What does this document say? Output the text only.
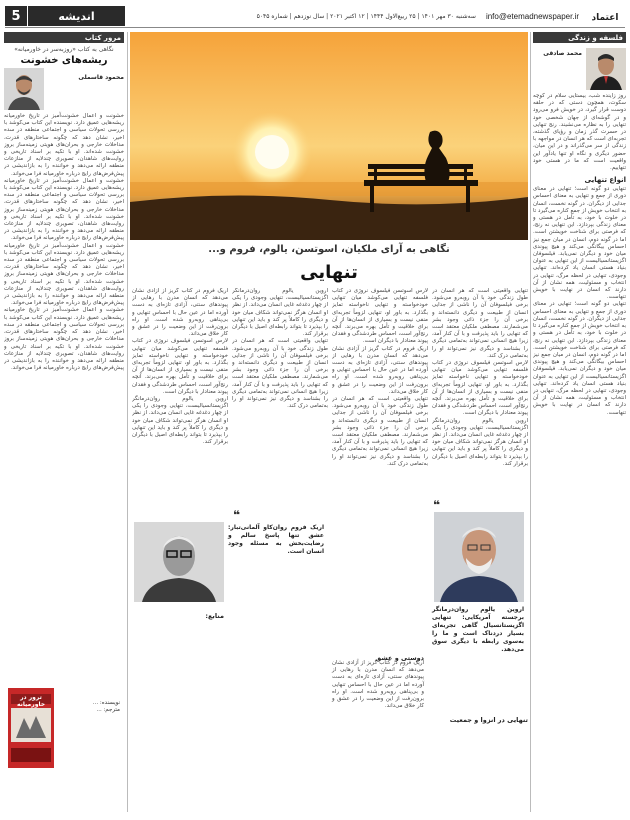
5	اندیشه	info@etemadnewspaper.ir
سه‌شنبه ۳۰ مهر ۱۴۰۱ | ۲۵ ربیع‌الاول ۱۴۴۴ | ۱۲ اکتبر ۲۰۲۱ | سال نوزدهم | شماره ۵۰۴۵	اعتماد
فلسفه و زندگی
محمد صادقی
روز زاینده شب، بیستایی سلام در کوچه سکوت، همچون دستی که در حلقه دوست قرار گیرد، در خویش فرو می‌رود و در گوشه‌ای از جهان شخصی خود تنهایی را به نظاره می‌نشیند. رنج تنهایی در حسرت گذر زمان و رؤیای گذشته، تجربه‌ای است که هر انسان در مواجهه با زندگی از سر می‌گذراند و در این میان، حضور دیگری و نگاه او تنها یادآور این واقعیت است که ما در هستی خود تنهاییم.
انواع تنهایی
تنهایی دو گونه است؛ تنهایی در معنای دوری از جمع و تنهایی به معنای احساس جدایی از دیگران. در گونه نخست، انسان به انتخاب خویش از جمع کناره می‌گیرد تا در خلوت با خود، به تأمل در هستی و معنای زندگی بپردازد. این تنهایی نه رنج، که فرصتی برای شناخت خویشتن است. اما در گونه دوم، انسان در میان جمع نیز احساس بیگانگی می‌کند و هیچ پیوندی میان خود و دیگران نمی‌یابد. فیلسوفان اگزیستانسیالیست از این تنهایی به عنوان بنیاد هستی انسان یاد کرده‌اند. تنهایی وجودی، تنهایی در لحظه مرگ، تنهایی در انتخاب و مسئولیت، همه نشان از آن دارند که انسان در نهایت با خویش تنهاست.
تنهایی دو گونه است؛ تنهایی در معنای دوری از جمع و تنهایی به معنای احساس جدایی از دیگران. در گونه نخست، انسان به انتخاب خویش از جمع کناره می‌گیرد تا در خلوت با خود، به تأمل در هستی و معنای زندگی بپردازد. این تنهایی نه رنج، که فرصتی برای شناخت خویشتن است. اما در گونه دوم، انسان در میان جمع نیز احساس بیگانگی می‌کند و هیچ پیوندی میان خود و دیگران نمی‌یابد. فیلسوفان اگزیستانسیالیست از این تنهایی به عنوان بنیاد هستی انسان یاد کرده‌اند. تنهایی وجودی، تنهایی در لحظه مرگ، تنهایی در انتخاب و مسئولیت، همه نشان از آن دارند که انسان در نهایت با خویش تنهاست.
نگاهی به آرای ملکیان، اسوتسن، یالوم، فروم و...
تنهایی
تنهایی واقعیتی است که هر انسان در طول زندگی خود با آن روبه‌رو می‌شود. برخی فیلسوفان آن را ناشی از جدایی انسان از طبیعت و دیگری دانسته‌اند و برخی آن را جزء ذاتی وجود بشر می‌شمارند. مصطفی ملکیان معتقد است که تنهایی را باید پذیرفت و با آن کنار آمد، زیرا هیچ انسانی نمی‌تواند به‌تمامی دیگری را بشناسد و دیگری نیز نمی‌تواند او را به‌تمامی درک کند.
لارس اسوتسن فیلسوف نروژی در کتاب فلسفه تنهایی می‌کوشد میان تنهایی خودخواسته و تنهایی ناخواسته تمایز بگذارد. به باور او، تنهایی لزوماً تجربه‌ای منفی نیست و بسیاری از انسان‌ها از آن برای خلاقیت و تأمل بهره می‌برند. آنچه رنج‌آور است، احساس طردشدگی و فقدان پیوند معنادار با دیگران است.
اروین یالوم روان‌درمانگر اگزیستانسیالیست، تنهایی وجودی را یکی از چهار دغدغه غایی انسان می‌داند. از نظر او انسان هرگز نمی‌تواند شکاف میان خود و دیگری را کاملاً پر کند و باید این تنهایی را بپذیرد تا بتواند رابطه‌ای اصیل با دیگران برقرار کند.
لارس اسوتسن فیلسوف نروژی در کتاب فلسفه تنهایی می‌کوشد میان تنهایی خودخواسته و تنهایی ناخواسته تمایز بگذارد. به باور او، تنهایی لزوماً تجربه‌ای منفی نیست و بسیاری از انسان‌ها از آن برای خلاقیت و تأمل بهره می‌برند. آنچه رنج‌آور است، احساس طردشدگی و فقدان پیوند معنادار با دیگران است.
اریک فروم در کتاب گریز از آزادی نشان می‌دهد که انسان مدرن با رهایی از پیوندهای سنتی، آزادی تازه‌ای به دست آورده اما در عین حال با احساس تنهایی و بی‌پناهی روبه‌رو شده است. او راه برون‌رفت از این وضعیت را در عشق و کار خلاق می‌داند.
تنهایی واقعیتی است که هر انسان در طول زندگی خود با آن روبه‌رو می‌شود. برخی فیلسوفان آن را ناشی از جدایی انسان از طبیعت و دیگری دانسته‌اند و برخی آن را جزء ذاتی وجود بشر می‌شمارند. مصطفی ملکیان معتقد است که تنهایی را باید پذیرفت و با آن کنار آمد، زیرا هیچ انسانی نمی‌تواند به‌تمامی دیگری را بشناسد و دیگری نیز نمی‌تواند او را به‌تمامی درک کند.
اروین یالوم روان‌درمانگر اگزیستانسیالیست، تنهایی وجودی را یکی از چهار دغدغه غایی انسان می‌داند. از نظر او انسان هرگز نمی‌تواند شکاف میان خود و دیگری را کاملاً پر کند و باید این تنهایی را بپذیرد تا بتواند رابطه‌ای اصیل با دیگران برقرار کند.
تنهایی واقعیتی است که هر انسان در طول زندگی خود با آن روبه‌رو می‌شود. برخی فیلسوفان آن را ناشی از جدایی انسان از طبیعت و دیگری دانسته‌اند و برخی آن را جزء ذاتی وجود بشر می‌شمارند. مصطفی ملکیان معتقد است که تنهایی را باید پذیرفت و با آن کنار آمد، زیرا هیچ انسانی نمی‌تواند به‌تمامی دیگری را بشناسد و دیگری نیز نمی‌تواند او را به‌تمامی درک کند.
اریک فروم در کتاب گریز از آزادی نشان می‌دهد که انسان مدرن با رهایی از پیوندهای سنتی، آزادی تازه‌ای به دست آورده اما در عین حال با احساس تنهایی و بی‌پناهی روبه‌رو شده است. او راه برون‌رفت از این وضعیت را در عشق و کار خلاق می‌داند.
لارس اسوتسن فیلسوف نروژی در کتاب فلسفه تنهایی می‌کوشد میان تنهایی خودخواسته و تنهایی ناخواسته تمایز بگذارد. به باور او، تنهایی لزوماً تجربه‌ای منفی نیست و بسیاری از انسان‌ها از آن برای خلاقیت و تأمل بهره می‌برند. آنچه رنج‌آور است، احساس طردشدگی و فقدان پیوند معنادار با دیگران است.
اروین یالوم روان‌درمانگر اگزیستانسیالیست، تنهایی وجودی را یکی از چهار دغدغه غایی انسان می‌داند. از نظر او انسان هرگز نمی‌تواند شکاف میان خود و دیگری را کاملاً پر کند و باید این تنهایی را بپذیرد تا بتواند رابطه‌ای اصیل با دیگران برقرار کند.
❝
اروین یالوم روان‌درمانگر برجسته آمریکایی: تنهایی اگزیستانسیال گاهی تجربه‌ای بسیار دردناک است و ما را به‌سوی رابطه با دیگری سوق می‌دهد.
دوستی و عشق
اریک فروم در کتاب گریز از آزادی نشان می‌دهد که انسان مدرن با رهایی از پیوندهای سنتی، آزادی تازه‌ای به دست آورده اما در عین حال با احساس تنهایی و بی‌پناهی روبه‌رو شده است. او راه برون‌رفت از این وضعیت را در عشق و کار خلاق می‌داند.
❝
اریک فروم روان‌کاو آلمانی‌تبار: عشق تنها پاسخ سالم و رضایت‌بخش به مسئله وجود انسان است.
منابع:
تنهایی در انزوا و جمعیت
مرور کتاب
نگاهی به کتاب «روزبه‌سر در خاورمیانه»
ریشه‌های خشونت
محمود قاسملی
خشونت و اعمال خشونت‌آمیز در تاریخ خاورمیانه ریشه‌هایی عمیق دارد. نویسنده این کتاب می‌کوشد با بررسی تحولات سیاسی و اجتماعی منطقه در سده اخیر، نشان دهد که چگونه ساختارهای قدرت، مداخلات خارجی و بحران‌های هویتی زمینه‌ساز بروز خشونت شده‌اند. او با تکیه بر اسناد تاریخی و روایت‌های شاهدان، تصویری چندلایه از منازعات منطقه ارائه می‌دهد و خواننده را به بازاندیشی در پیش‌فرض‌های رایج درباره خاورمیانه فرا می‌خواند.
خشونت و اعمال خشونت‌آمیز در تاریخ خاورمیانه ریشه‌هایی عمیق دارد. نویسنده این کتاب می‌کوشد با بررسی تحولات سیاسی و اجتماعی منطقه در سده اخیر، نشان دهد که چگونه ساختارهای قدرت، مداخلات خارجی و بحران‌های هویتی زمینه‌ساز بروز خشونت شده‌اند. او با تکیه بر اسناد تاریخی و روایت‌های شاهدان، تصویری چندلایه از منازعات منطقه ارائه می‌دهد و خواننده را به بازاندیشی در پیش‌فرض‌های رایج درباره خاورمیانه فرا می‌خواند.
خشونت و اعمال خشونت‌آمیز در تاریخ خاورمیانه ریشه‌هایی عمیق دارد. نویسنده این کتاب می‌کوشد با بررسی تحولات سیاسی و اجتماعی منطقه در سده اخیر، نشان دهد که چگونه ساختارهای قدرت، مداخلات خارجی و بحران‌های هویتی زمینه‌ساز بروز خشونت شده‌اند. او با تکیه بر اسناد تاریخی و روایت‌های شاهدان، تصویری چندلایه از منازعات منطقه ارائه می‌دهد و خواننده را به بازاندیشی در پیش‌فرض‌های رایج درباره خاورمیانه فرا می‌خواند.
خشونت و اعمال خشونت‌آمیز در تاریخ خاورمیانه ریشه‌هایی عمیق دارد. نویسنده این کتاب می‌کوشد با بررسی تحولات سیاسی و اجتماعی منطقه در سده اخیر، نشان دهد که چگونه ساختارهای قدرت، مداخلات خارجی و بحران‌های هویتی زمینه‌ساز بروز خشونت شده‌اند. او با تکیه بر اسناد تاریخی و روایت‌های شاهدان، تصویری چندلایه از منازعات منطقه ارائه می‌دهد و خواننده را به بازاندیشی در پیش‌فرض‌های رایج درباره خاورمیانه فرا می‌خواند.
ترور در خاورمیانه	نویسنده: ...
مترجم: ...
